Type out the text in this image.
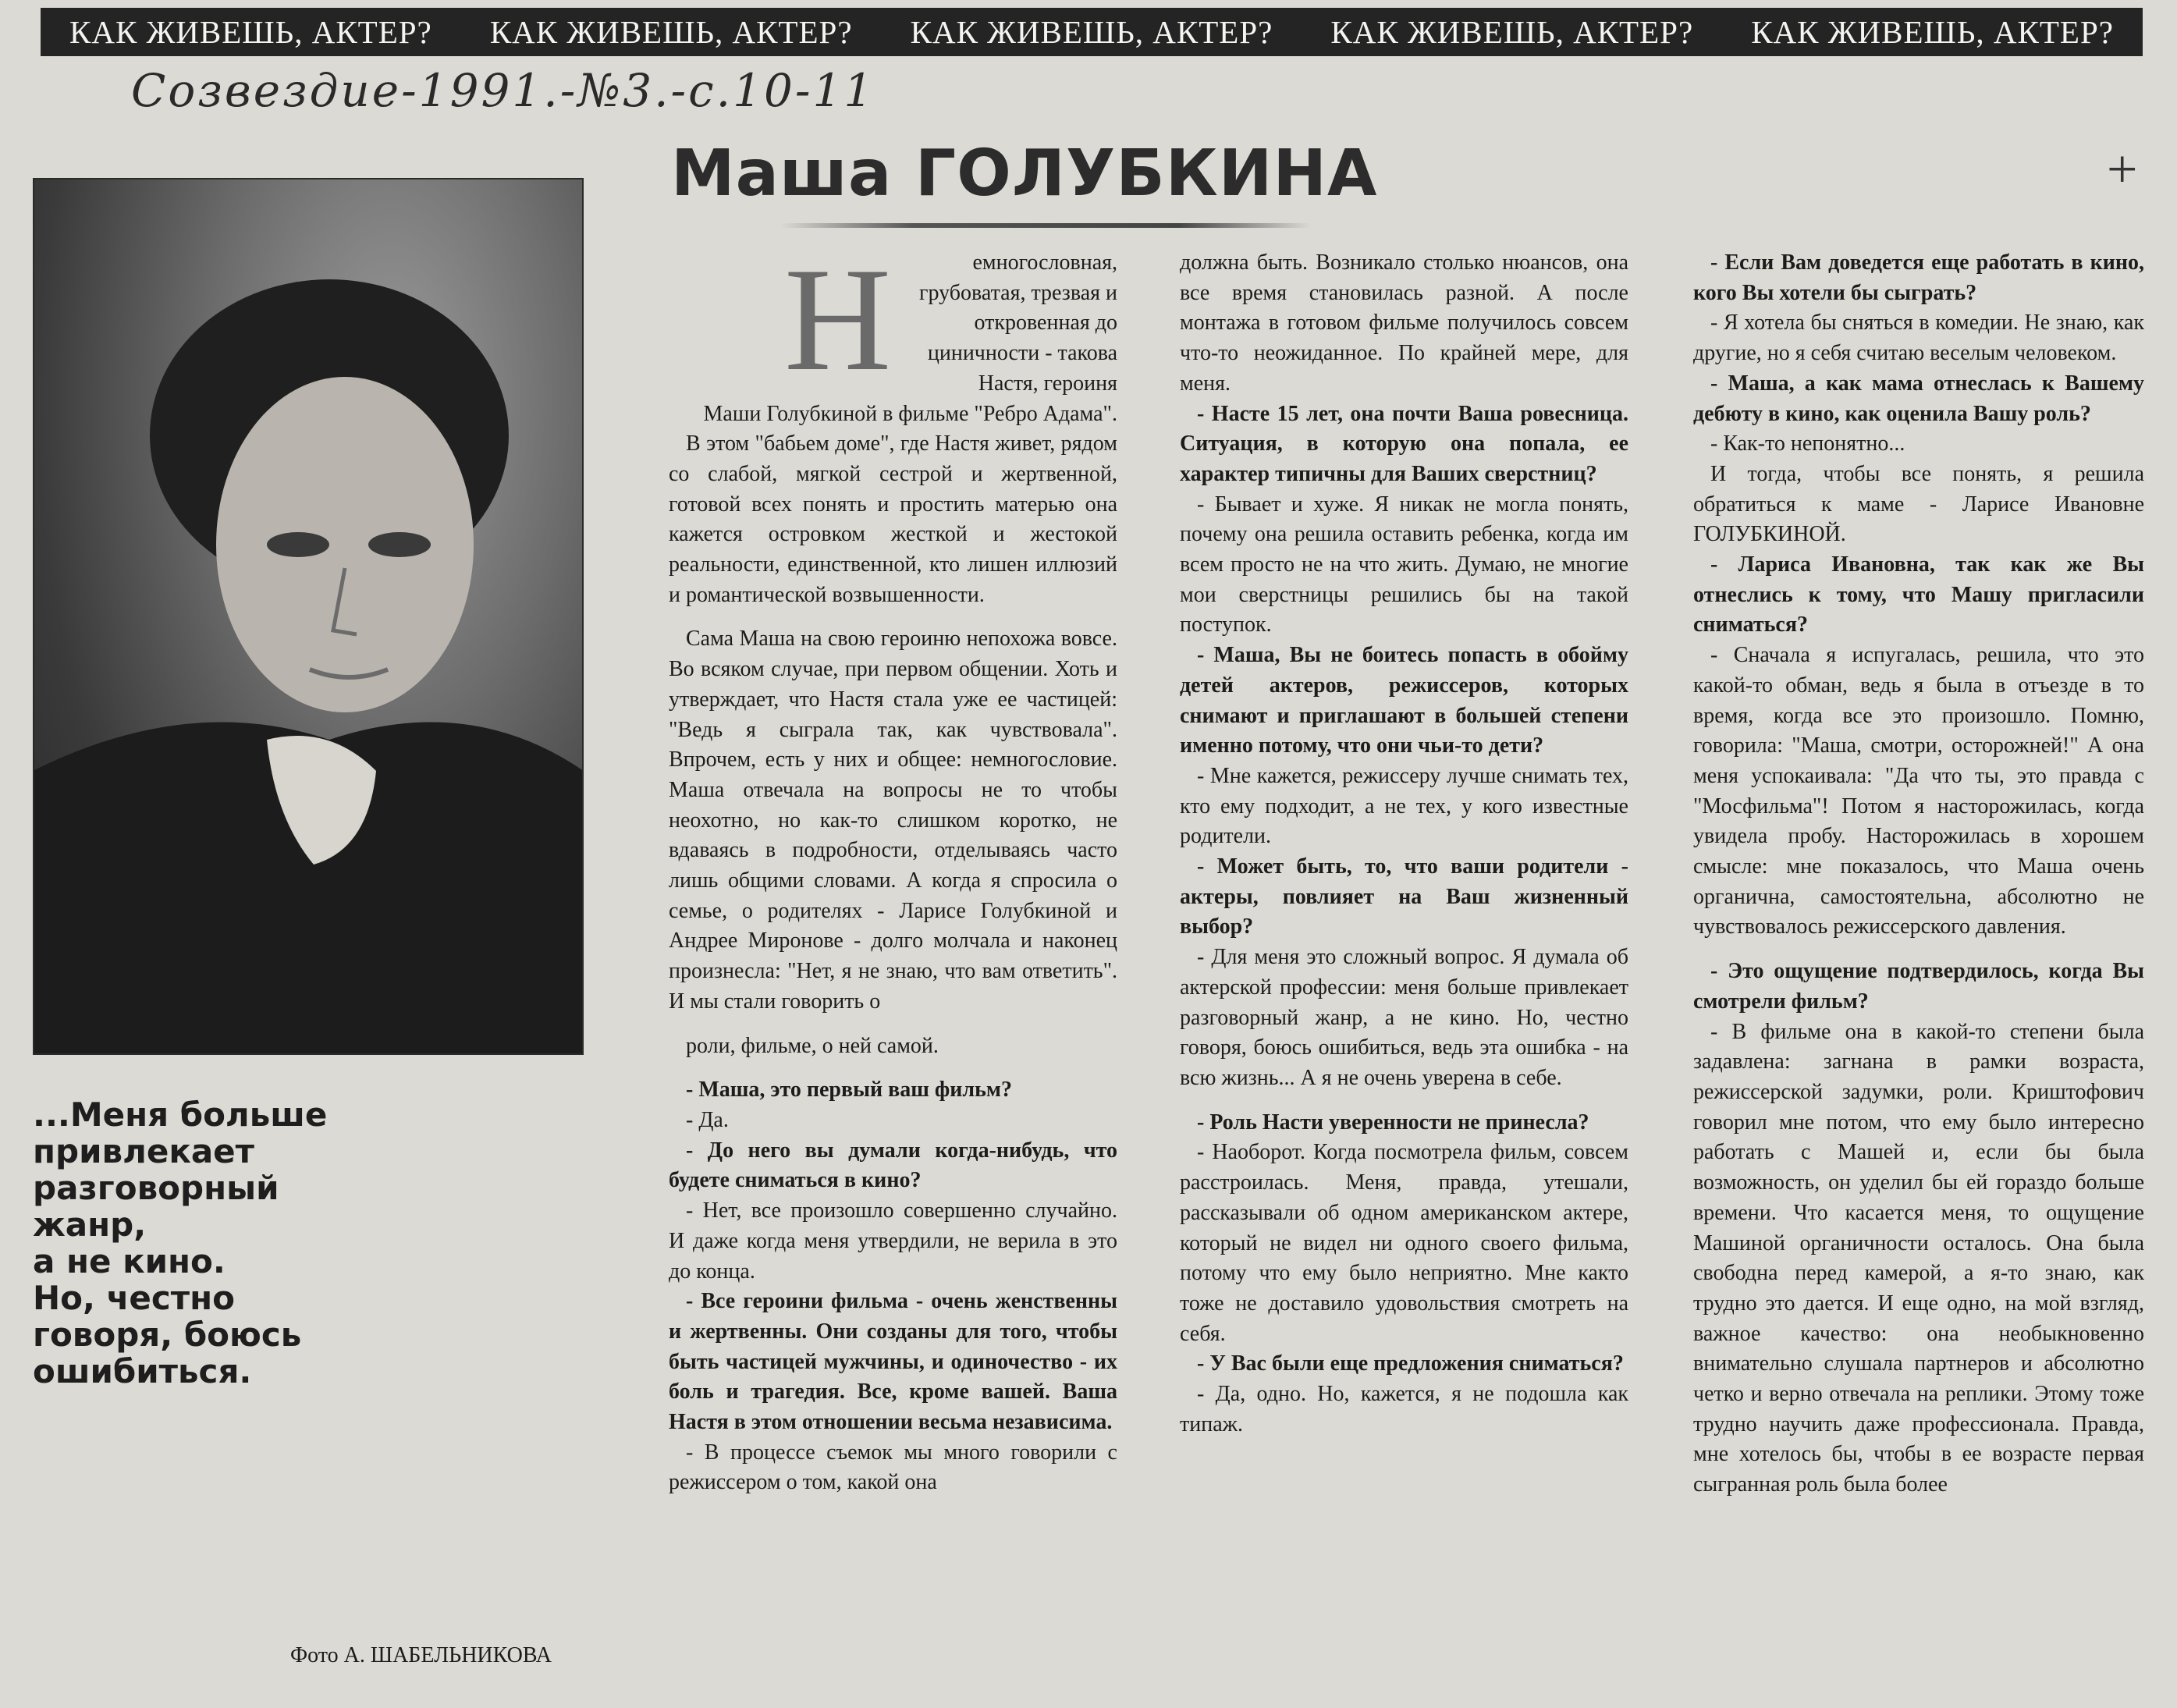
КАК ЖИВЕШЬ, АКТЕР? КАК ЖИВЕШЬ, АКТЕР? КАК ЖИВЕШЬ, АКТЕР? КАК ЖИВЕШЬ, АКТЕР? КАК ЖИВЕШЬ, АКТЕР?
Созвездие-1991.-№3.-с.10-11
+
Маша ГОЛУБКИНА

...Меня больше
привлекает
разговорный
жанр,
а не кино.
Но, честно
говоря, боюсь
ошибиться.

Фото А. ШАБЕЛЬНИКОВА
Н	емногословная, грубоватая, трезвая и откровенная до циничности - такова Настя, героиня Маши Голубкиной в фильме "Ребро Адама".

В этом "бабьем доме", где Настя живет, рядом со слабой, мягкой сестрой и жертвенной, готовой всех понять и простить матерью она кажется островком жесткой и жестокой реальности, единственной, кто лишен иллюзий и романтической возвышенности.

Сама Маша на свою героиню непохожа вовсе. Во всяком случае, при первом общении. Хоть и утверждает, что Настя стала уже ее частицей: "Ведь я сыграла так, как чувствовала". Впрочем, есть у них и общее: немногословие. Маша отвечала на вопросы не то чтобы неохотно, но как-то слишком коротко, не вдаваясь в подробности, отделываясь часто лишь общими словами. А когда я спросила о семье, о родителях - Ларисе Голубкиной и Андрее Миронове - долго молчала и наконец произнесла: "Нет, я не знаю, что вам ответить". И мы стали говорить о

роли, фильме, о ней самой.

- Маша, это первый ваш фильм?

- Да.

- До него вы думали когда-нибудь, что будете сниматься в кино?

- Нет, все произошло совершенно случайно. И даже когда меня утвердили, не верила в это до конца.

- Все героини фильма - очень женственны и жертвенны. Они созданы для того, чтобы быть частицей мужчины, и одиночество - их боль и трагедия. Все, кроме вашей. Ваша Настя в этом отношении весьма независима.

- В процессе съемок мы много говорили с режиссером о том, какой она

должна быть. Возникало столько нюансов, она все время становилась разной. А после монтажа в готовом фильме получилось совсем что-то неожиданное. По крайней мере, для меня.

- Насте 15 лет, она почти Ваша ровесница. Ситуация, в которую она попала, ее характер типичны для Ваших сверстниц?

- Бывает и хуже. Я никак не могла понять, почему она решила оставить ребенка, когда им всем просто не на что жить. Думаю, не многие мои сверстницы решились бы на такой поступок.

- Маша, Вы не боитесь попасть в обойму детей актеров, режиссеров, которых снимают и приглашают в большей степени именно потому, что они чьи-то дети?

- Мне кажется, режиссеру лучше снимать тех, кто ему подходит, а не тех, у кого известные родители.

- Может быть, то, что ваши родители - актеры, повлияет на Ваш жизненный выбор?

- Для меня это сложный вопрос. Я думала об актерской профессии: меня больше привлекает разговорный жанр, а не кино. Но, честно говоря, боюсь ошибиться, ведь эта ошибка - на всю жизнь... А я не очень уверена в себе.

- Роль Насти уверенности не принесла?

- Наоборот. Когда посмотрела фильм, совсем расстроилась. Меня, правда, утешали, рассказывали об одном американском актере, который не видел ни одного своего фильма, потому что ему было неприятно. Мне както тоже не доставило удовольствия смотреть на себя.

- У Вас были еще предложения сниматься?

- Да, одно. Но, кажется, я не подошла как типаж.

- Если Вам доведется еще работать в кино, кого Вы хотели бы сыграть?

- Я хотела бы сняться в комедии. Не знаю, как другие, но я себя считаю веселым человеком.

- Маша, а как мама отнеслась к Вашему дебюту в кино, как оценила Вашу роль?

- Как-то непонятно...

И тогда, чтобы все понять, я решила обратиться к маме - Ларисе Ивановне ГОЛУБКИНОЙ.

- Лариса Ивановна, так как же Вы отнеслись к тому, что Машу пригласили сниматься?

- Сначала я испугалась, решила, что это какой-то обман, ведь я была в отъезде в то время, когда все это произошло. Помню, говорила: "Маша, смотри, осторожней!" А она меня успокаивала: "Да что ты, это правда с "Мосфильма"! Потом я насторожилась, когда увидела пробу. Насторожилась в хорошем смысле: мне показалось, что Маша очень органична, самостоятельна, абсолютно не чувствовалось режиссерского давления.

- Это ощущение подтвердилось, когда Вы смотрели фильм?

- В фильме она в какой-то степени была задавлена: загнана в рамки возраста, режиссерской задумки, роли. Криштофович говорил мне потом, что ему было интересно работать с Машей и, если бы была возможность, он уделил бы ей гораздо больше времени. Что касается меня, то ощущение Машиной органичности осталось. Она была свободна перед камерой, а я-то знаю, как трудно это дается. И еще одно, на мой взгляд, важное качество: она необыкновенно внимательно слушала партнеров и абсолютно четко и верно отвечала на реплики. Этому тоже трудно научить даже профессионала. Правда, мне хотелось бы, чтобы в ее возрасте первая сыгранная роль была более
